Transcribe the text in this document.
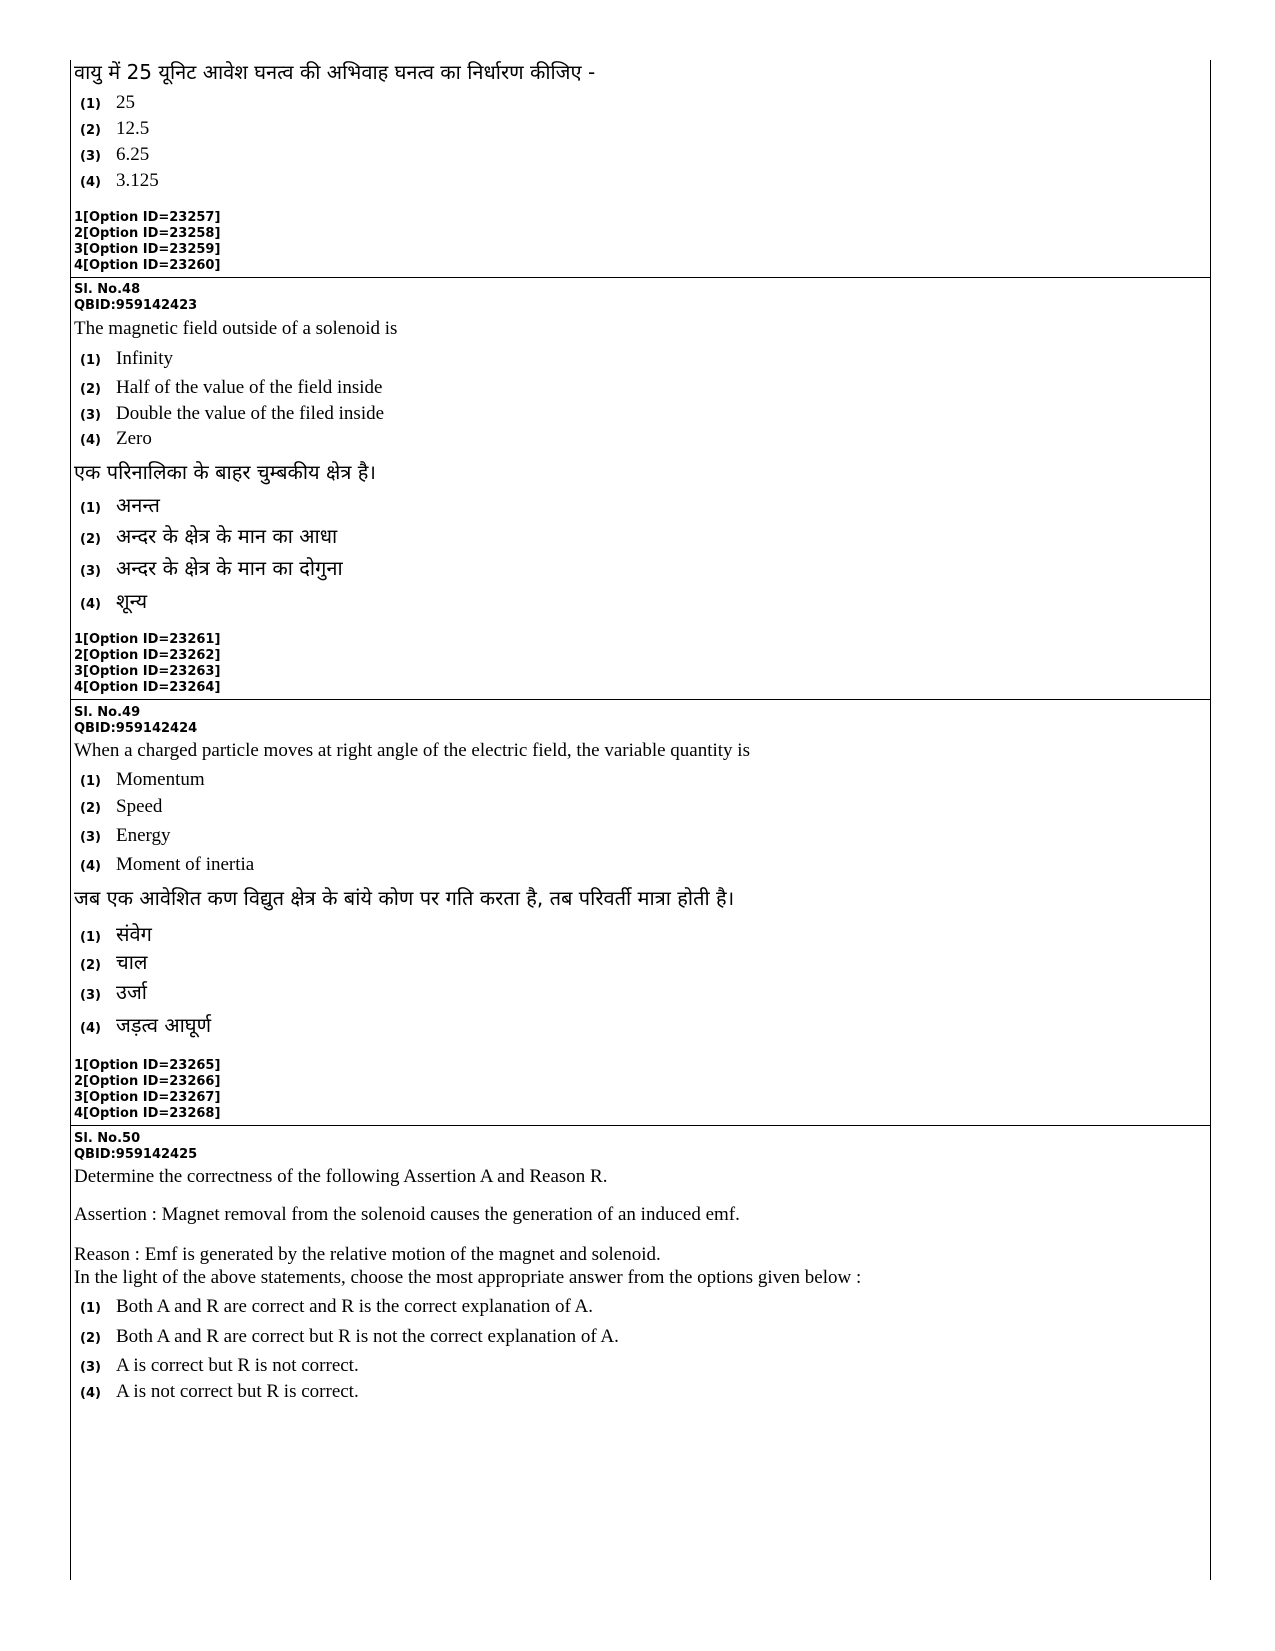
वायु में 25 यूनिट आवेश घनत्व की अभिवाह घनत्व का निर्धारण कीजिए -
(1) 25
(2) 12.5
(3) 6.25
(4) 3.125
1[Option ID=23257]
2[Option ID=23258]
3[Option ID=23259]
4[Option ID=23260]
Sl. No.48
QBID:959142423
The magnetic field outside of a solenoid is
(1) Infinity
(2) Half of the value of the field inside
(3) Double the value of the filed inside
(4) Zero
एक परिनालिका के बाहर चुम्बकीय क्षेत्र है।
(1) अनन्त
(2) अन्दर के क्षेत्र के मान का आधा
(3) अन्दर के क्षेत्र के मान का दोगुना
(4) शून्य
1[Option ID=23261]
2[Option ID=23262]
3[Option ID=23263]
4[Option ID=23264]
Sl. No.49
QBID:959142424
When a charged particle moves at right angle of the electric field, the variable quantity is
(1) Momentum
(2) Speed
(3) Energy
(4) Moment of inertia
जब एक आवेशित कण विद्युत क्षेत्र के बांये कोण पर गति करता है, तब परिवर्ती मात्रा होती है।
(1) संवेग
(2) चाल
(3) उर्जा
(4) जड़त्व आघूर्ण
1[Option ID=23265]
2[Option ID=23266]
3[Option ID=23267]
4[Option ID=23268]
Sl. No.50
QBID:959142425
Determine the correctness of the following Assertion A and Reason R.
Assertion : Magnet removal from the solenoid causes the generation of an induced emf.
Reason : Emf is generated by the relative motion of the magnet and solenoid.
In the light of the above statements, choose the most appropriate answer from the options given below :
(1) Both A and R are correct and R is the correct explanation of A.
(2) Both A and R are correct but R is not the correct explanation of A.
(3) A is correct but R is not correct.
(4) A is not correct but R is correct.
